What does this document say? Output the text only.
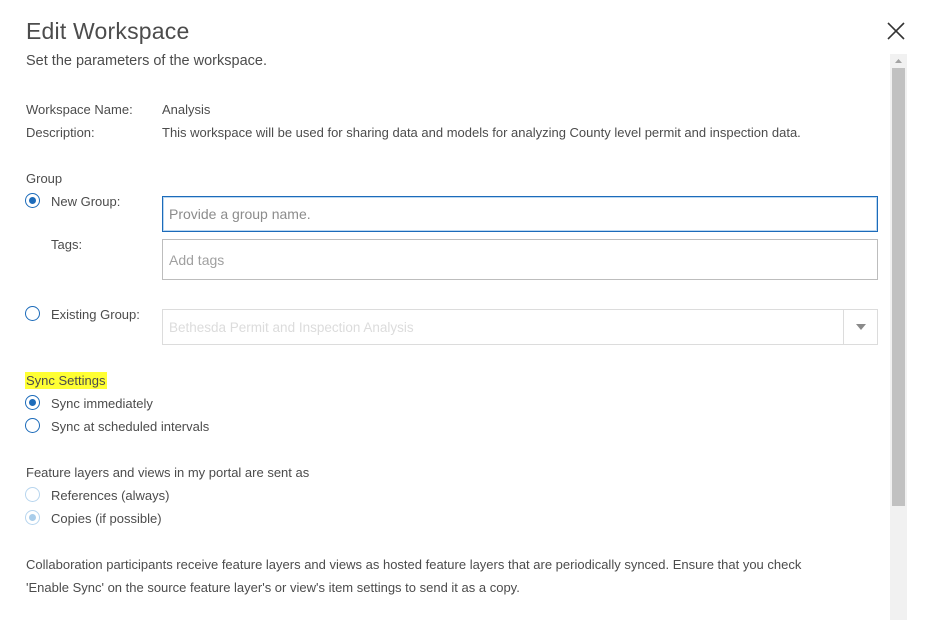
Edit Workspace
Set the parameters of the workspace.
Workspace Name: Analysis
Description:	This workspace will be used for sharing data and models for analyzing County level permit and inspection data.
Group
New Group:
Provide a group name.
Tags:
Add tags
Existing Group:
Bethesda Permit and Inspection Analysis
Sync Settings
Sync immediately
Sync at scheduled intervals
Feature layers and views in my portal are sent as
References (always)
Copies (if possible)
Collaboration participants receive feature layers and views as hosted feature layers that are periodically synced. Ensure that you check
'Enable Sync' on the source feature layer's or view's item settings to send it as a copy.
